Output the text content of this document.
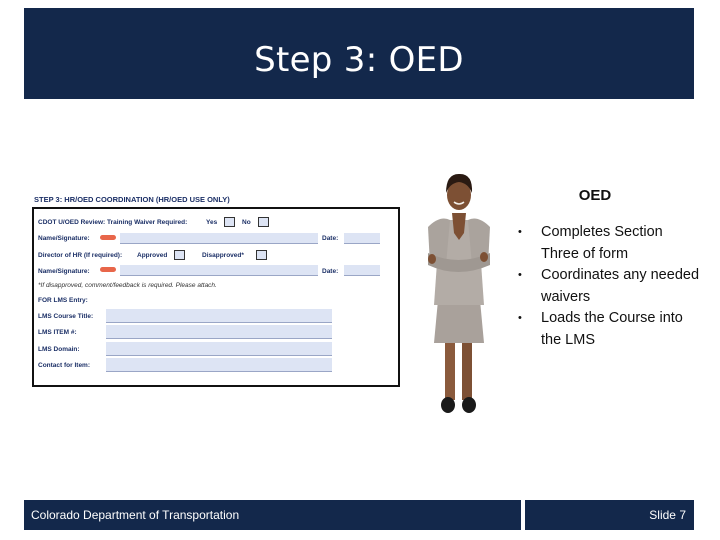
Step 3: OED
STEP 3: HR/OED COORDINATION (HR/OED USE ONLY)
CDOT U/OED Review: Training Waiver Required:	Yes	No
Name/Signature:	Date:
Director of HR (If required): Approved	Disapproved*
Name/Signature:	Date:
*If disapproved, comment/feedback is required. Please attach.
FOR LMS Entry:
LMS Course Title:
LMS ITEM #:
LMS Domain:
Contact for Item:
OED
• Completes Section Three of form
• Coordinates any needed waivers
• Loads the Course into the LMS
Colorado Department of Transportation	Slide 7
